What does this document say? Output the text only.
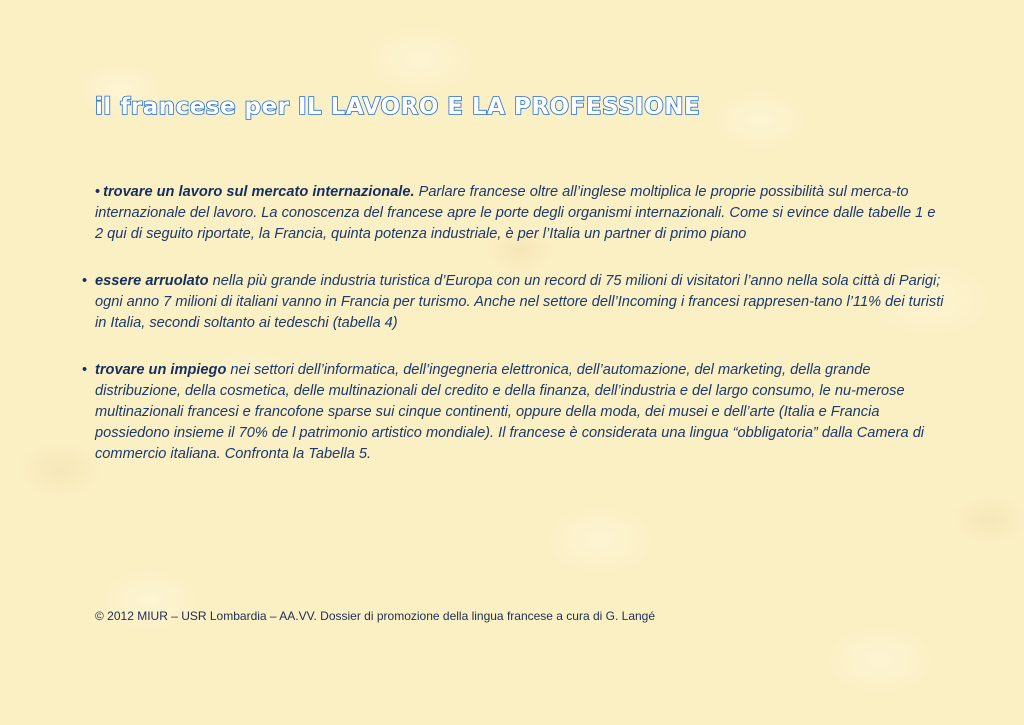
il francese per IL LAVORO E LA PROFESSIONE

• trovare un lavoro sul mercato internazionale. Parlare francese oltre all’inglese moltiplica le proprie possibilità sul merca-to internazionale del lavoro. La conoscenza del francese apre le porte degli organismi internazionali. Come si evince dalle tabelle 1 e 2 qui di seguito riportate, la Francia, quinta potenza industriale, è per l’Italia un partner di primo piano

• essere arruolato nella più grande industria turistica d’Europa con un record di 75 milioni di visitatori l’anno nella sola città di Parigi; ogni anno 7 milioni di italiani vanno in Francia per turismo. Anche nel settore dell’Incoming i francesi rappresen-tano l’11% dei turisti in Italia, secondi soltanto ai tedeschi (tabella 4)

• trovare un impiego nei settori dell’informatica, dell’ingegneria elettronica, dell’automazione, del marketing, della grande distribuzione, della cosmetica, delle multinazionali del credito e della finanza, dell’industria e del largo consumo, le nu-merose multinazionali francesi e francofone sparse sui cinque continenti, oppure della moda, dei musei e dell’arte (Italia e Francia possiedono insieme il 70% de l patrimonio artistico mondiale). Il francese è considerata una lingua “obbligatoria” dalla Camera di commercio italiana. Confronta la Tabella 5.

© 2012 MIUR – USR Lombardia – AA.VV. Dossier di promozione della lingua francese a cura di G. Langé
